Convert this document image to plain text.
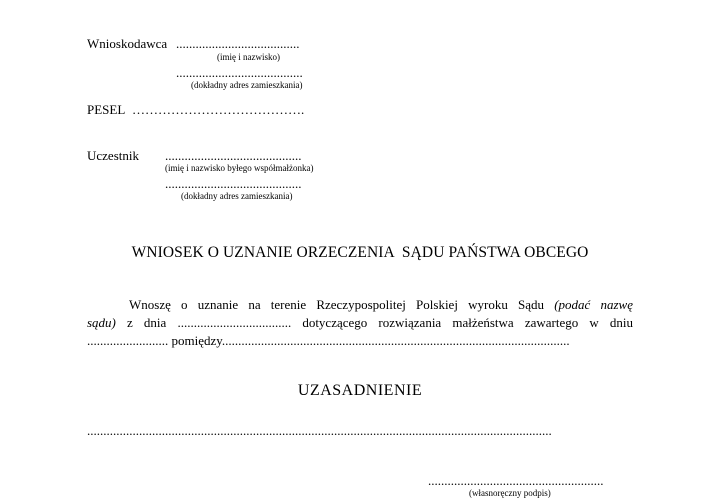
Wnioskodawca ......................................
(imię i nazwisko)
.......................................
(dokładny adres zamieszkania)
PESEL ………………………………….
Uczestnik ..........................................
(imię i nazwisko byłego współmałżonka)
..........................................
(dokładny adres zamieszkania)
WNIOSEK O UZNANIE ORZECZENIA  SĄDU PAŃSTWA OBCEGO
Wnoszę o uznanie na terenie Rzeczypospolitej Polskiej wyroku Sądu (podać nazwę
sądu) z dnia ................................... dotyczącego rozwiązania małżeństwa zawartego w dniu
......................... pomiędzy...........................................................................................................
UZASADNIENIE
...............................................................................................................................................
......................................................
(własnoręczny podpis)
